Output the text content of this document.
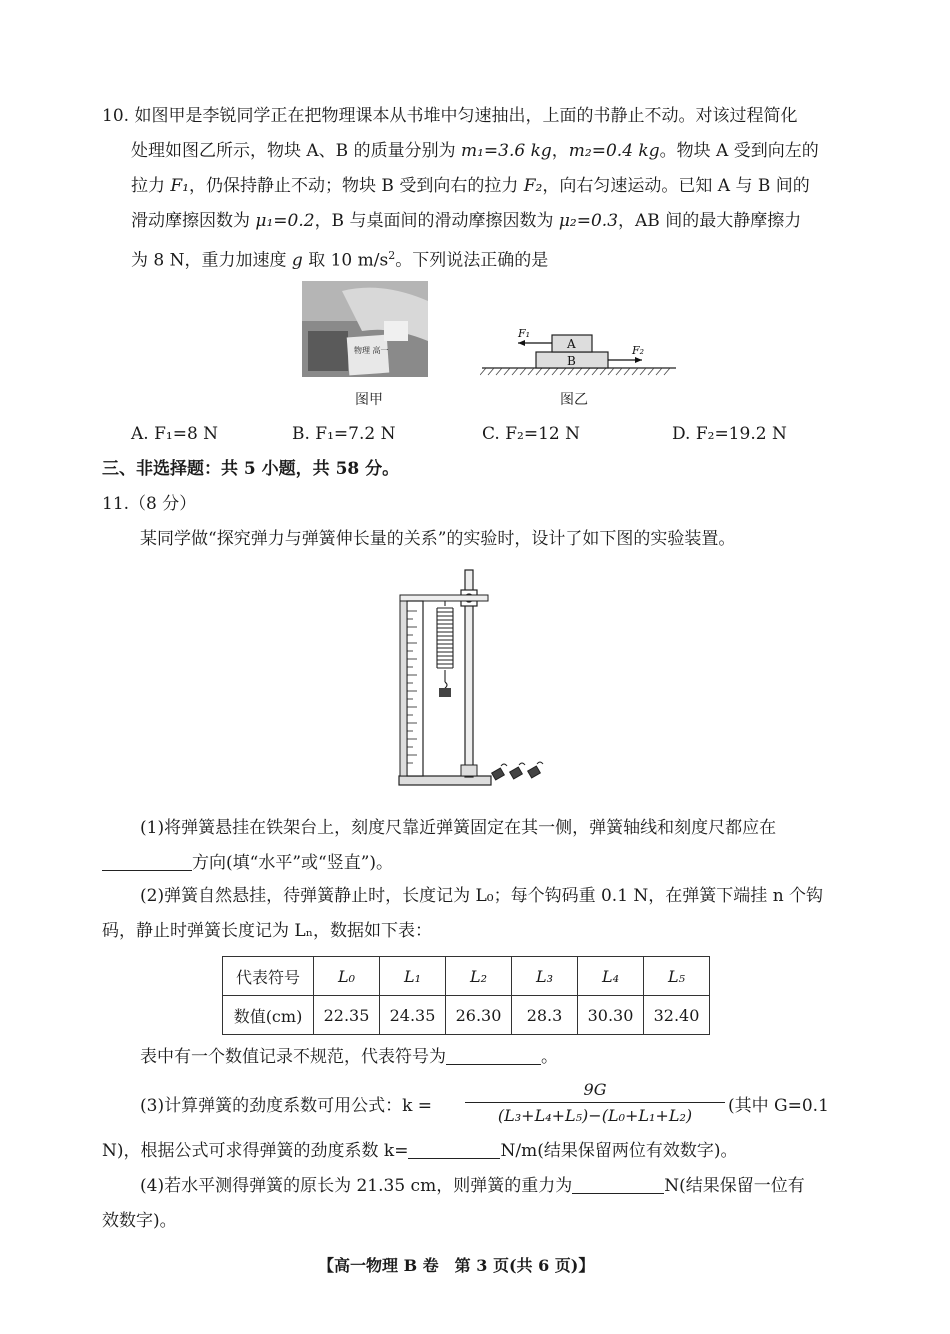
10. 如图甲是李锐同学正在把物理课本从书堆中匀速抽出，上面的书静止不动。对该过程简化
处理如图乙所示，物块 A、B 的质量分别为 m₁=3.6 kg，m₂=0.4 kg。物块 A 受到向左的
拉力 F₁，仍保持静止不动；物块 B 受到向右的拉力 F₂，向右匀速运动。已知 A 与 B 间的
滑动摩擦因数为 μ₁=0.2，B 与桌面间的滑动摩擦因数为 μ₂=0.3，AB 间的最大静摩擦力
为 8 N，重力加速度 g 取 10 $m/s^2$。下列说法正确的是
物理 高一
图甲
A
B
F₁
F₂
图乙
A. F₁=8 N	B. F₁=7.2 N	C. F₂=12 N	D. F₂=19.2 N
三、非选择题：共 5 小题，共 58 分。
11.（8 分）
某同学做“探究弹力与弹簧伸长量的关系”的实验时，设计了如下图的实验装置。
(1)将弹簧悬挂在铁架台上，刻度尺靠近弹簧固定在其一侧，弹簧轴线和刻度尺都应在
方向(填“水平”或“竖直”)。
(2)弹簧自然悬挂，待弹簧静止时，长度记为 L₀；每个钩码重 0.1 N，在弹簧下端挂 n 个钩
码，静止时弹簧长度记为 Lₙ，数据如下表：
代表符号	L₀	L₁	L₂	L₃	L₄	L₅
数值(cm)	22.35	24.35	26.30	28.3	30.30	32.40
表中有一个数值记录不规范，代表符号为	。
(3)计算弹簧的劲度系数可用公式：k =
9G
(L₃+L₄+L₅)−(L₀+L₁+L₂)	(其中 G=0.1
N)，根据公式可求得弹簧的劲度系数 k=	N/m(结果保留两位有效数字)。
(4)若水平测得弹簧的原长为 21.35 cm，则弹簧的重力为	N(结果保留一位有
效数字)。
【高一物理 B 卷　第 3 页(共 6 页)】
